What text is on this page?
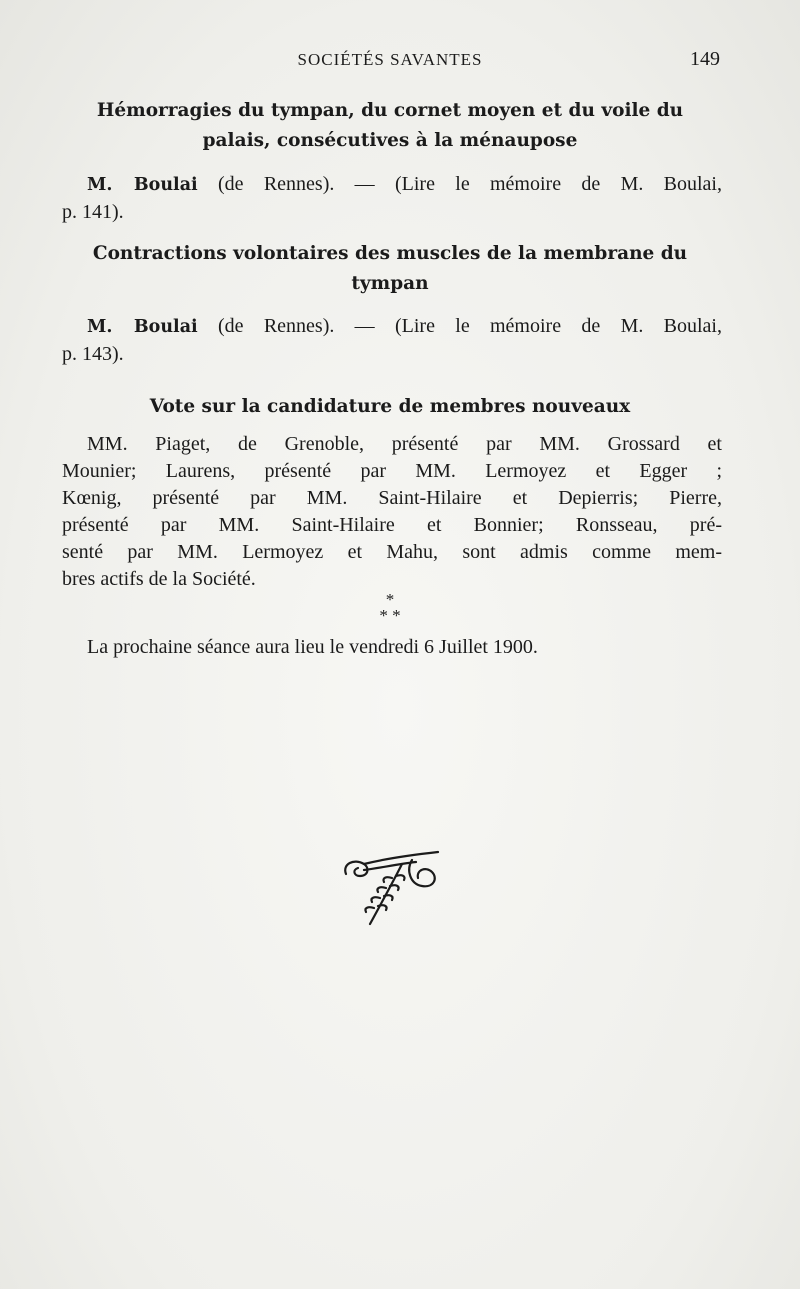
SOCIÉTÉS SAVANTES	149
Hémorragies du tympan, du cornet moyen et du voile du
palais, consécutives à la ménaupose
M. Boulai (de Rennes). — (Lire le mémoire de M. Boulai,
p. 141).
Contractions volontaires des muscles de la membrane du
tympan
M. Boulai (de Rennes). — (Lire le mémoire de M. Boulai,
p. 143).
Vote sur la candidature de membres nouveaux
MM. Piaget, de Grenoble, présenté par MM. Grossard et
Mounier; Laurens, présenté par MM. Lermoyez et Egger ;
Kœnig, présenté par MM. Saint-Hilaire et Depierris; Pierre,
présenté par MM. Saint-Hilaire et Bonnier; Ronsseau, pré-
senté par MM. Lermoyez et Mahu, sont admis comme mem-
bres actifs de la Société.
*
* *
La prochaine séance aura lieu le vendredi 6 Juillet 1900.
